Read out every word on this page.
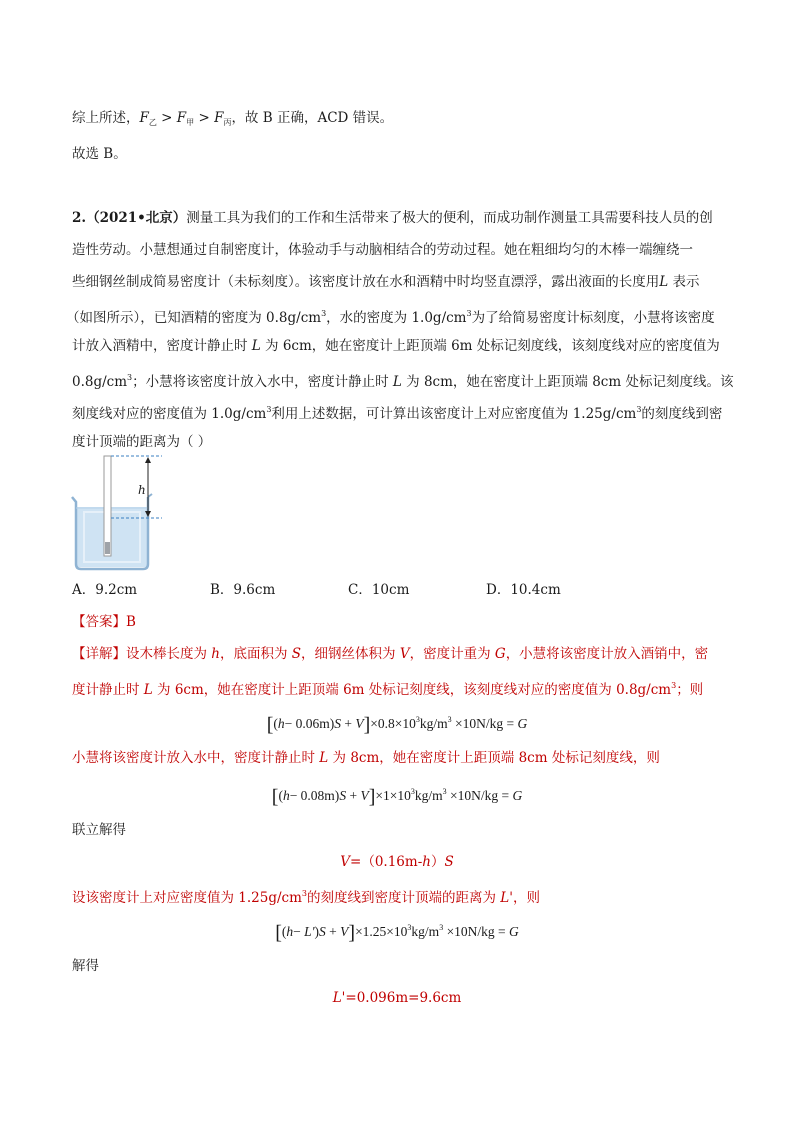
综上所述，$F_乙 > F_甲 > F_丙$，故 B 正确，ACD 错误。
故选 B。
2.（2021•北京）测量工具为我们的工作和生活带来了极大的便利，而成功制作测量工具需要科技人员的创
造性劳动。小慧想通过自制密度计，体验动手与动脑相结合的劳动过程。她在粗细均匀的木棒一端缠绕一
些细钢丝制成简易密度计（未标刻度）。该密度计放在水和酒精中时均竖直漂浮，露出液面的长度用L 表示
（如图所示），已知酒精的密度为 $0.8g/cm^3$，水的密度为 $1.0g/cm^3$为了给简易密度计标刻度，小慧将该密度
计放入酒精中，密度计静止时 L 为 6cm，她在密度计上距顶端 6m 处标记刻度线，该刻度线对应的密度值为
$0.8g/cm^3$；小慧将该密度计放入水中，密度计静止时 L 为 8cm，她在密度计上距顶端 8cm 处标记刻度线。该
刻度线对应的密度值为 $1.0g/cm^3$利用上述数据，可计算出该密度计上对应密度值为 $1.25g/cm^3$的刻度线到密
度计顶端的距离为（ ）
h
A．9.2cm	B．9.6cm	C．10cm	D．10.4cm
【答案】B
【详解】设木棒长度为 h，底面积为 S，细钢丝体积为 V，密度计重为 G，小慧将该密度计放入酒销中，密
度计静止时 L 为 6cm，她在密度计上距顶端 6m 处标记刻度线，该刻度线对应的密度值为 $0.8g/cm^3$；则
$[(h- 0.06m)S + V]\times 0.8\times 10^3kg/m^3 \times 10N/kg = G$
小慧将该密度计放入水中，密度计静止时 L 为 8cm，她在密度计上距顶端 8cm 处标记刻度线，则
$[(h- 0.08m)S + V]\times 1\times 10^3kg/m^3 \times 10N/kg = G$
联立解得
V=（0.16m-h）S
设该密度计上对应密度值为 $1.25g/cm^3$的刻度线到密度计顶端的距离为 L'，则
$[(h- L')S + V]\times 1.25\times 10^3kg/m^3 \times 10N/kg = G$
解得
L'=0.096m=9.6cm
